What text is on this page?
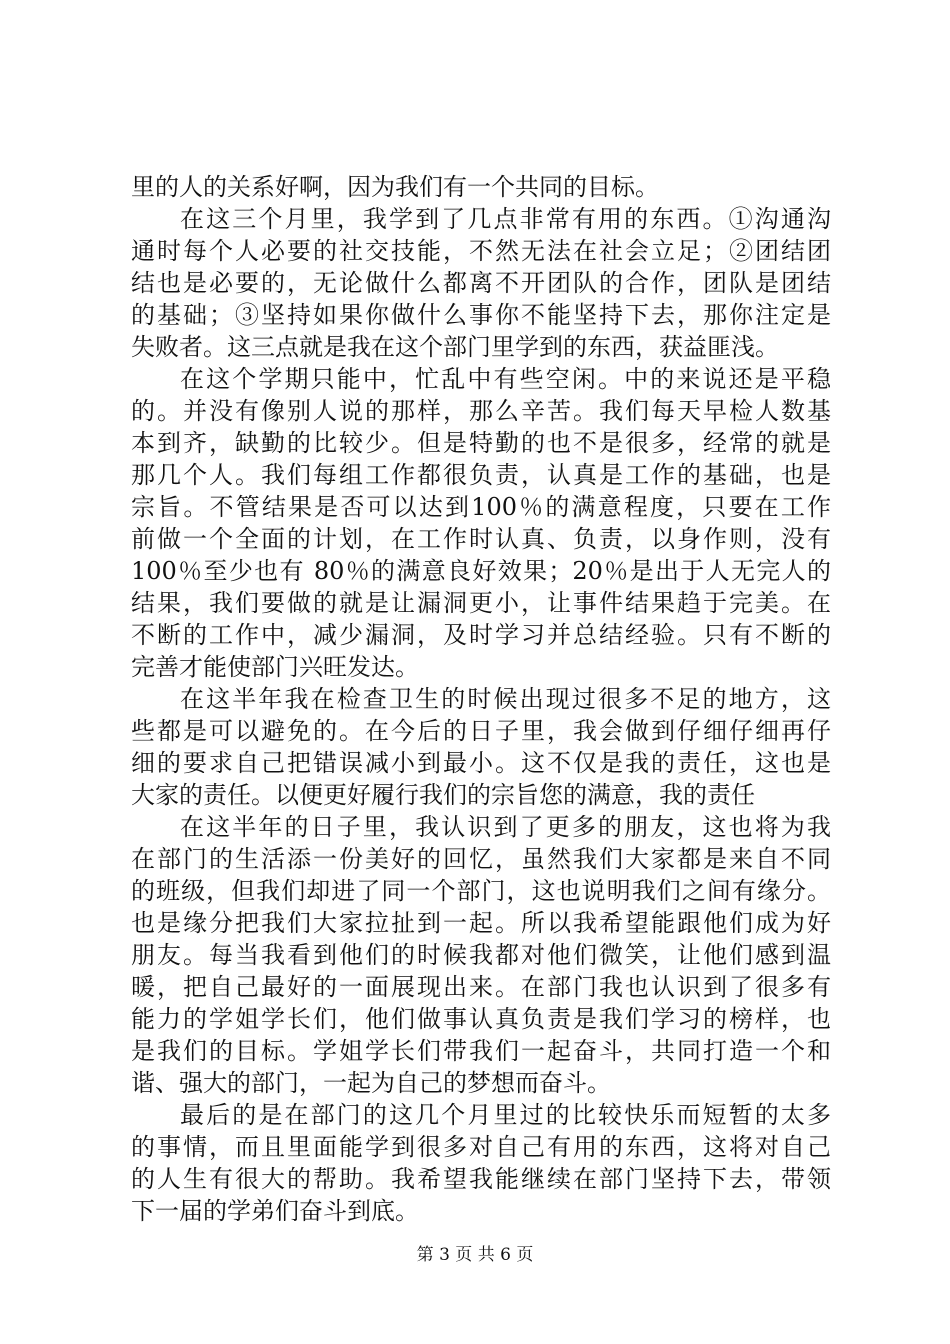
里的人的关系好啊，因为我们有一个共同的目标。
在这三个月里，我学到了几点非常有用的东西。①沟通沟
通时每个人必要的社交技能，不然无法在社会立足；②团结团
结也是必要的，无论做什么都离不开团队的合作，团队是团结
的基础；③坚持如果你做什么事你不能坚持下去，那你注定是
失败者。这三点就是我在这个部门里学到的东西，获益匪浅。
在这个学期只能中，忙乱中有些空闲。中的来说还是平稳
的。并没有像别人说的那样，那么辛苦。我们每天早检人数基
本到齐，缺勤的比较少。但是特勤的也不是很多，经常的就是
那几个人。我们每组工作都很负责，认真是工作的基础，也是
宗旨。不管结果是否可以达到100％的满意程度，只要在工作
前做一个全面的计划，在工作时认真、负责，以身作则，没有
100％至少也有 80％的满意良好效果；20％是出于人无完人的
结果，我们要做的就是让漏洞更小，让事件结果趋于完美。在
不断的工作中，减少漏洞，及时学习并总结经验。只有不断的
完善才能使部门兴旺发达。
在这半年我在检查卫生的时候出现过很多不足的地方，这
些都是可以避免的。在今后的日子里，我会做到仔细仔细再仔
细的要求自己把错误减小到最小。这不仅是我的责任，这也是
大家的责任。以便更好履行我们的宗旨您的满意，我的责任
在这半年的日子里，我认识到了更多的朋友，这也将为我
在部门的生活添一份美好的回忆，虽然我们大家都是来自不同
的班级，但我们却进了同一个部门，这也说明我们之间有缘分。
也是缘分把我们大家拉扯到一起。所以我希望能跟他们成为好
朋友。每当我看到他们的时候我都对他们微笑，让他们感到温
暖，把自己最好的一面展现出来。在部门我也认识到了很多有
能力的学姐学长们，他们做事认真负责是我们学习的榜样，也
是我们的目标。学姐学长们带我们一起奋斗，共同打造一个和
谐、强大的部门，一起为自己的梦想而奋斗。
最后的是在部门的这几个月里过的比较快乐而短暂的太多
的事情，而且里面能学到很多对自己有用的东西，这将对自己
的人生有很大的帮助。我希望我能继续在部门坚持下去，带领
下一届的学弟们奋斗到底。
第 3 页 共 6 页
